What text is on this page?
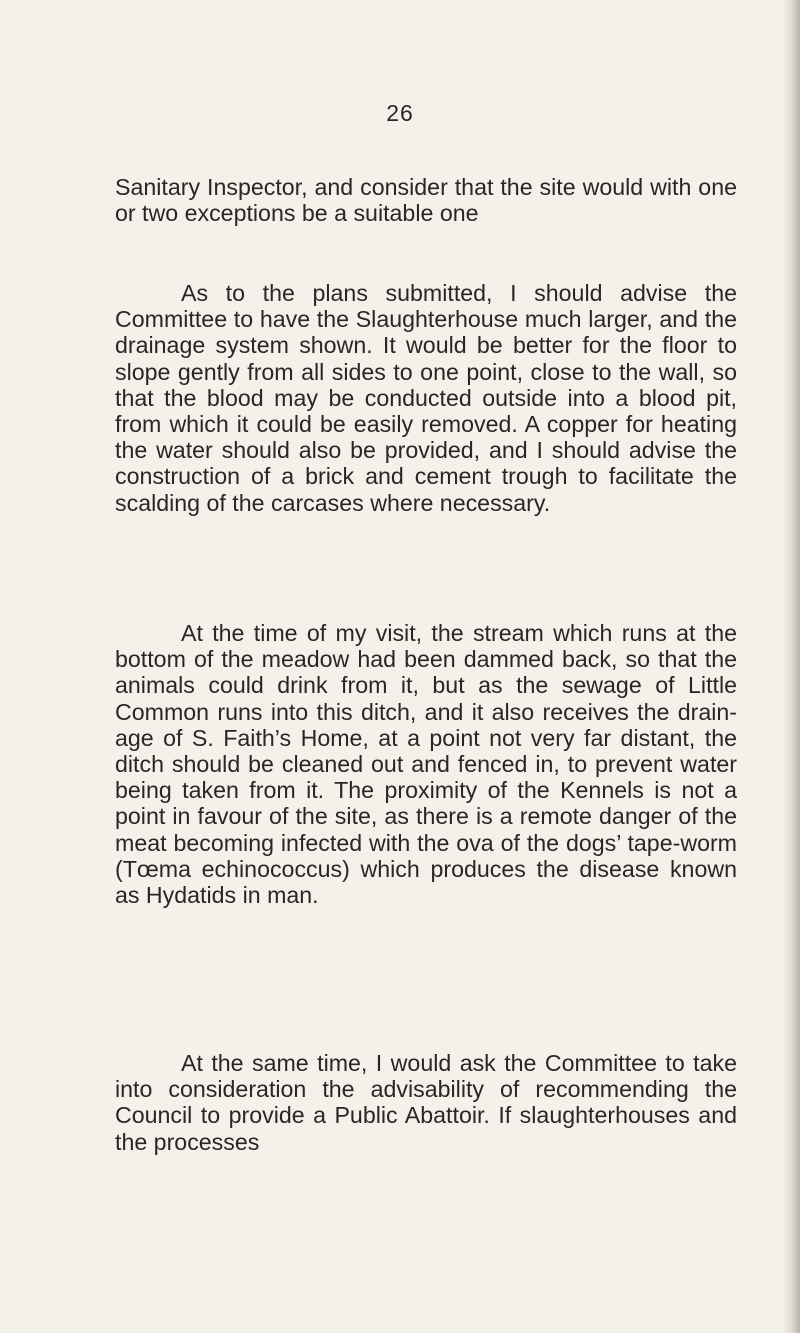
26

Sanitary Inspector, and consider that the site would with one or two exceptions be a suitable one

As to the plans submitted, I should advise the Committee to have the Slaughterhouse much larger, and the drainage system shown. It would be better for the floor to slope gently from all sides to one point, close to the wall, so that the blood may be conducted outside into a blood pit, from which it could be easily removed. A copper for heating the water should also be provided, and I should advise the construction of a brick and cement trough to facilitate the scalding of the carcases where necessary.

At the time of my visit, the stream which runs at the bottom of the meadow had been dammed back, so that the animals could drink from it, but as the sewage of Little Common runs into this ditch, and it also receives the drain-age of S. Faith’s Home, at a point not very far distant, the ditch should be cleaned out and fenced in, to prevent water being taken from it. The proximity of the Kennels is not a point in favour of the site, as there is a remote danger of the meat becoming infected with the ova of the dogs’ tape-worm (Tœma echinococcus) which produces the disease known as Hydatids in man.

At the same time, I would ask the Committee to take into consideration the advisability of recommending the Council to provide a Public Abattoir. If slaughterhouses and the processes
